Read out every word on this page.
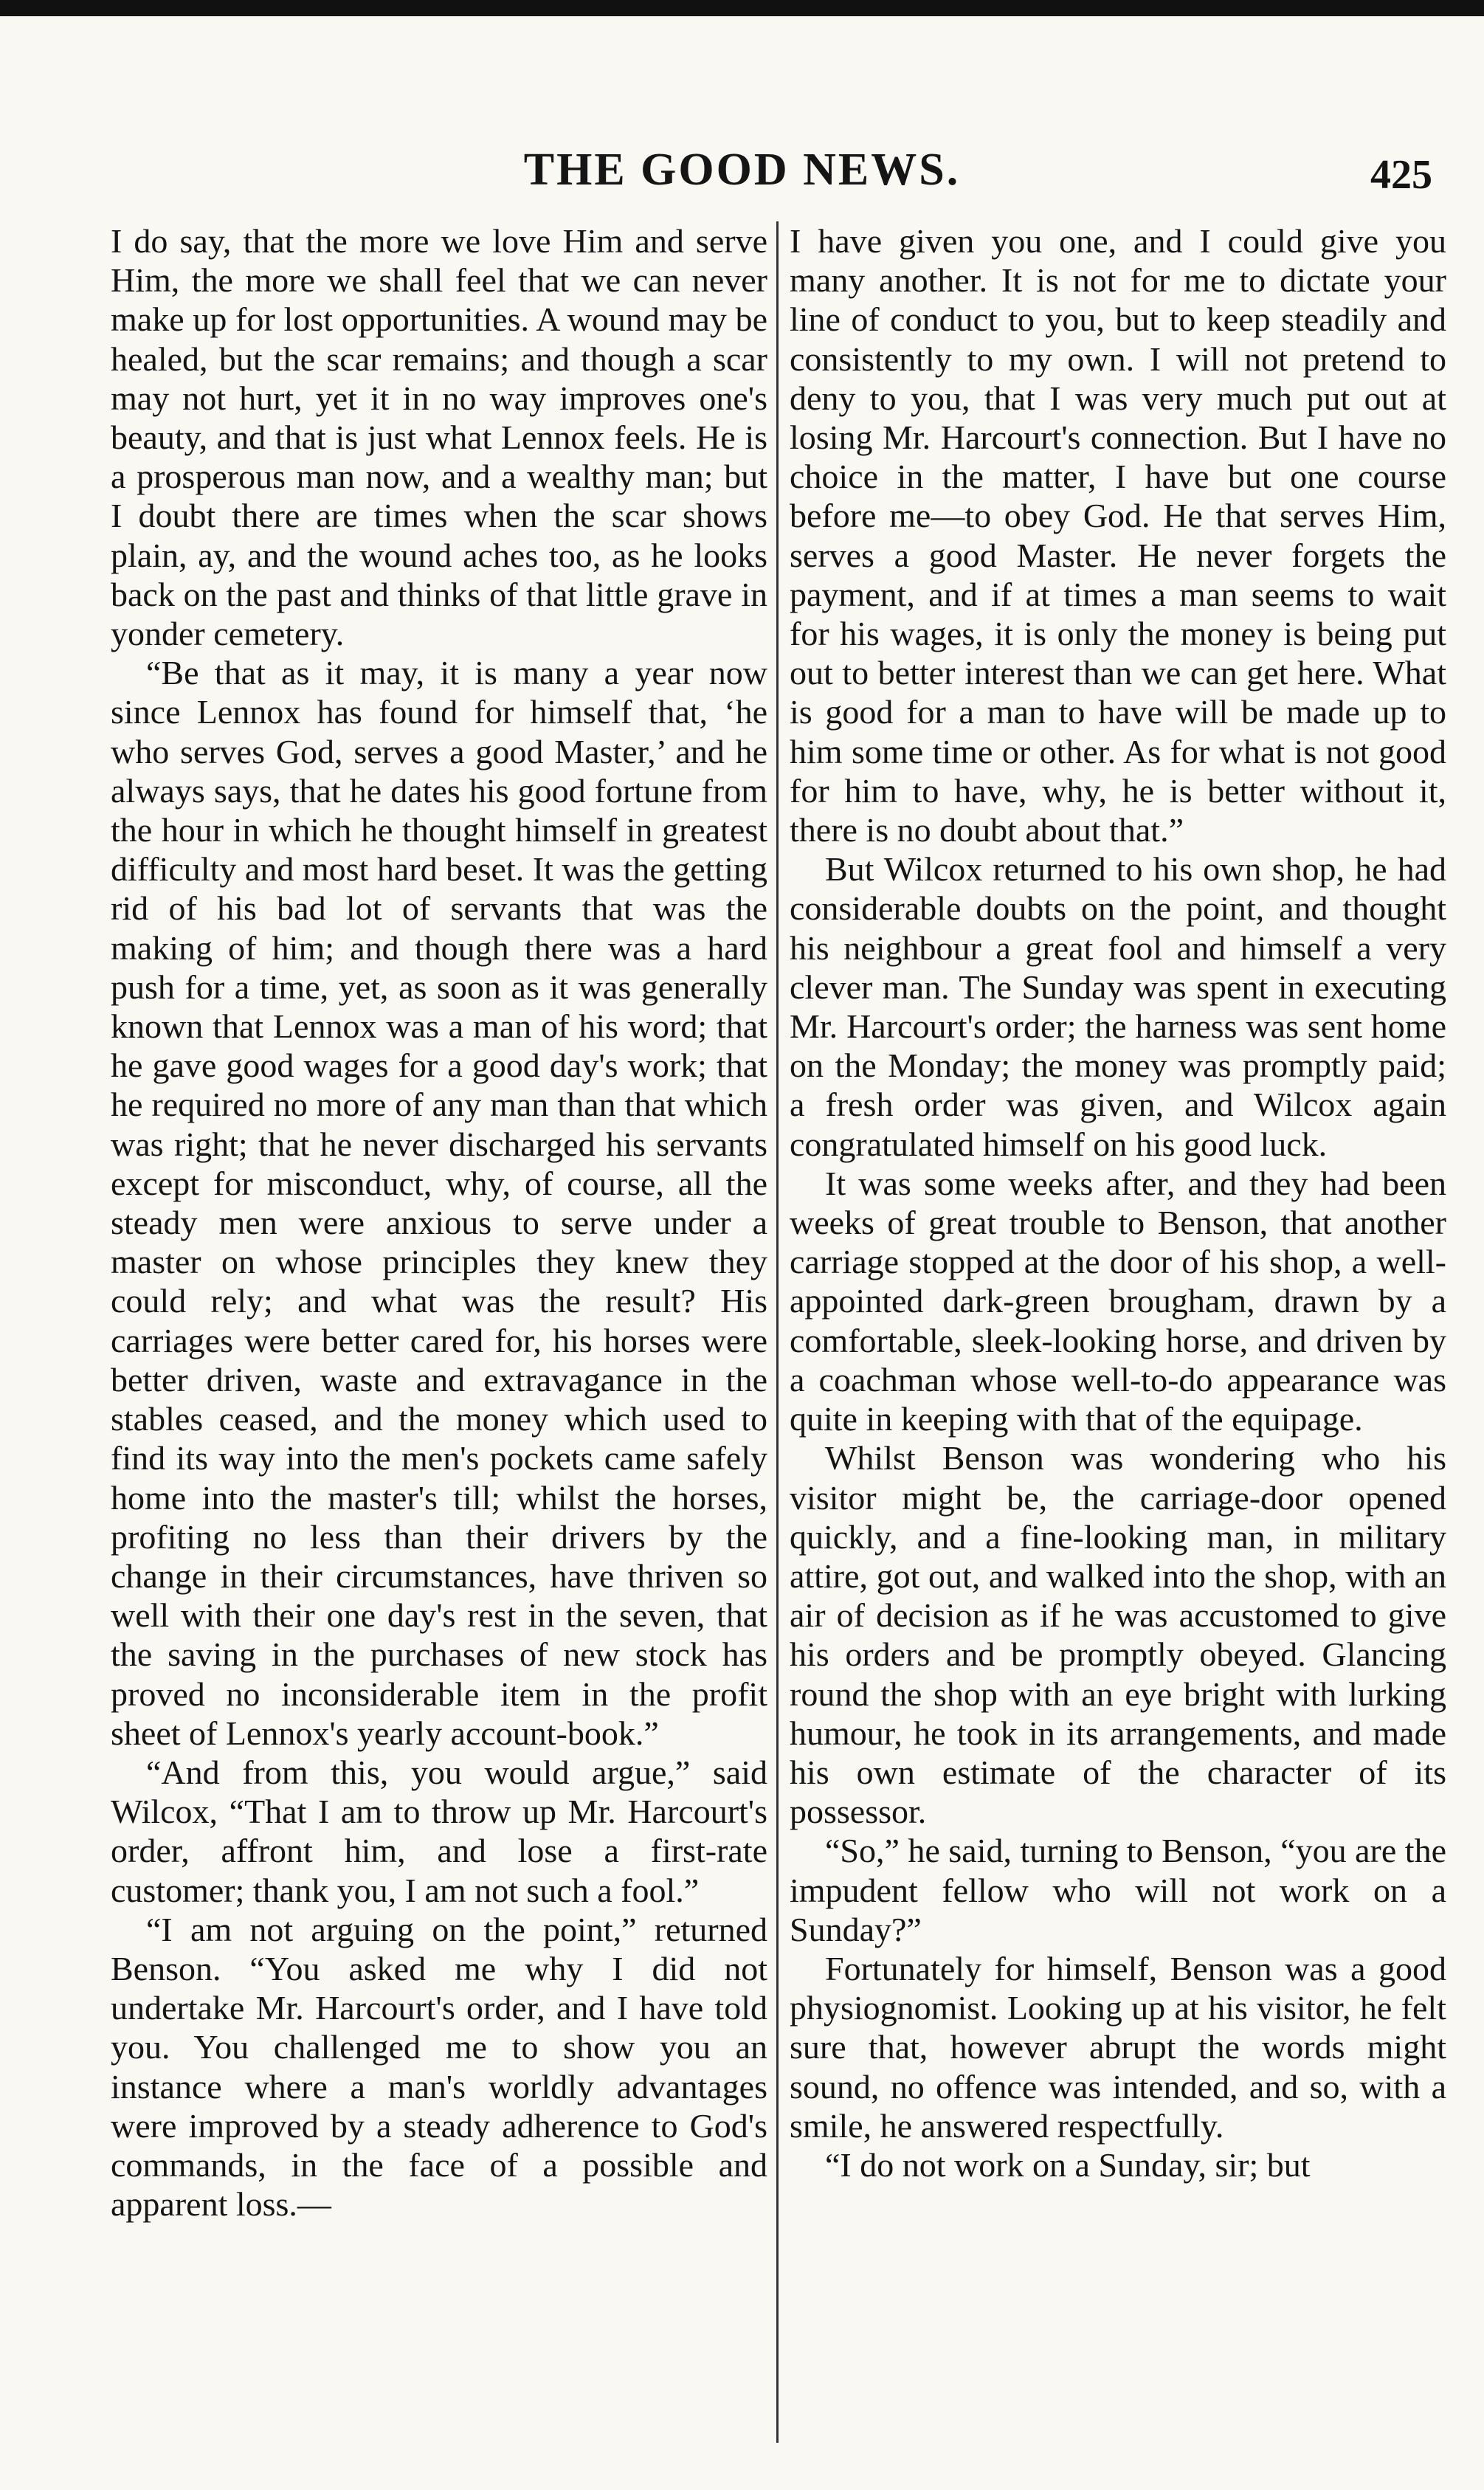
THE GOOD NEWS.	425

I do say, that the more we love Him and serve Him, the more we shall feel that we can never make up for lost opportunities. A wound may be healed, but the scar remains; and though a scar may not hurt, yet it in no way improves one's beauty, and that is just what Lennox feels. He is a prosperous man now, and a wealthy man; but I doubt there are times when the scar shows plain, ay, and the wound aches too, as he looks back on the past and thinks of that little grave in yonder cemetery.

“Be that as it may, it is many a year now since Lennox has found for himself that, ‘he who serves God, serves a good Master,’ and he always says, that he dates his good fortune from the hour in which he thought himself in greatest difficulty and most hard beset. It was the getting rid of his bad lot of servants that was the making of him; and though there was a hard push for a time, yet, as soon as it was generally known that Lennox was a man of his word; that he gave good wages for a good day's work; that he required no more of any man than that which was right; that he never discharged his servants except for misconduct, why, of course, all the steady men were anxious to serve under a master on whose principles they knew they could rely; and what was the result? His carriages were better cared for, his horses were better driven, waste and extravagance in the stables ceased, and the money which used to find its way into the men's pockets came safely home into the master's till; whilst the horses, profiting no less than their drivers by the change in their circumstances, have thriven so well with their one day's rest in the seven, that the saving in the purchases of new stock has proved no inconsiderable item in the profit sheet of Lennox's yearly account-book.”

“And from this, you would argue,” said Wilcox, “That I am to throw up Mr. Harcourt's order, affront him, and lose a first-rate customer; thank you, I am not such a fool.”

“I am not arguing on the point,” returned Benson. “You asked me why I did not undertake Mr. Harcourt's order, and I have told you. You challenged me to show you an instance where a man's worldly advantages were improved by a steady adherence to God's commands, in the face of a possible and apparent loss.—

I have given you one, and I could give you many another. It is not for me to dictate your line of conduct to you, but to keep steadily and consistently to my own. I will not pretend to deny to you, that I was very much put out at losing Mr. Harcourt's connection. But I have no choice in the matter, I have but one course before me—to obey God. He that serves Him, serves a good Master. He never forgets the payment, and if at times a man seems to wait for his wages, it is only the money is being put out to better interest than we can get here. What is good for a man to have will be made up to him some time or other. As for what is not good for him to have, why, he is better without it, there is no doubt about that.”

But Wilcox returned to his own shop, he had considerable doubts on the point, and thought his neighbour a great fool and himself a very clever man. The Sunday was spent in executing Mr. Harcourt's order; the harness was sent home on the Monday; the money was promptly paid; a fresh order was given, and Wilcox again congratulated himself on his good luck.

It was some weeks after, and they had been weeks of great trouble to Benson, that another carriage stopped at the door of his shop, a well-appointed dark-green brougham, drawn by a comfortable, sleek-looking horse, and driven by a coachman whose well-to-do appearance was quite in keeping with that of the equipage.

Whilst Benson was wondering who his visitor might be, the carriage-door opened quickly, and a fine-looking man, in military attire, got out, and walked into the shop, with an air of decision as if he was accustomed to give his orders and be promptly obeyed. Glancing round the shop with an eye bright with lurking humour, he took in its arrangements, and made his own estimate of the character of its possessor.

“So,” he said, turning to Benson, “you are the impudent fellow who will not work on a Sunday?”

Fortunately for himself, Benson was a good physiognomist. Looking up at his visitor, he felt sure that, however abrupt the words might sound, no offence was intended, and so, with a smile, he answered respectfully.

“I do not work on a Sunday, sir; but
